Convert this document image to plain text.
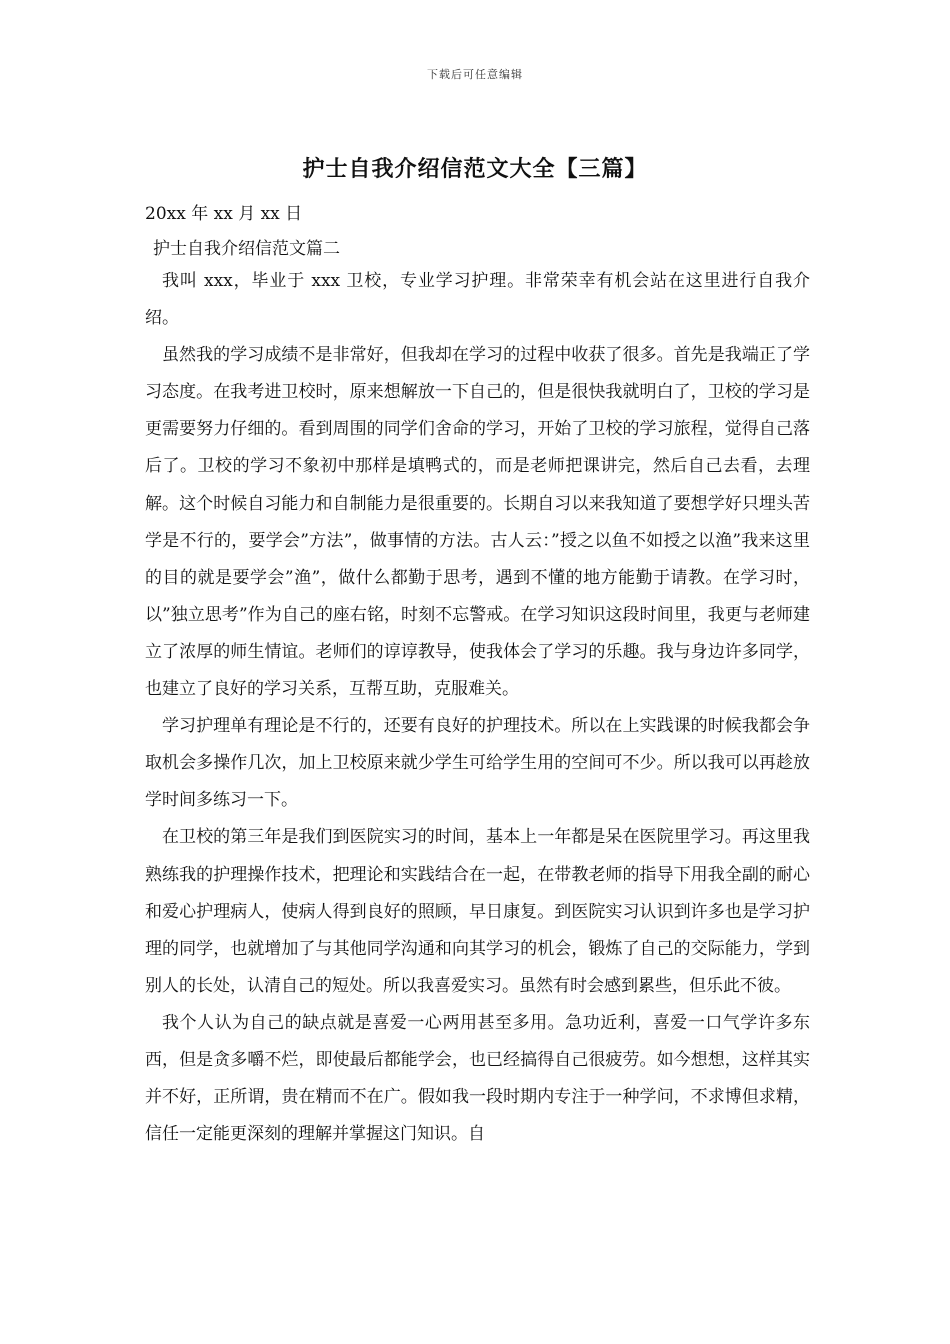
下载后可任意编辑
护士自我介绍信范文大全【三篇】
20xx 年 xx 月 xx 日
护士自我介绍信范文篇二

我叫 xxx，毕业于 xxx 卫校，专业学习护理。非常荣幸有机会站在这里进行自我介绍。

虽然我的学习成绩不是非常好，但我却在学习的过程中收获了很多。首先是我端正了学习态度。在我考进卫校时，原来想解放一下自己的，但是很快我就明白了，卫校的学习是更需要努力仔细的。看到周围的同学们舍命的学习，开始了卫校的学习旅程，觉得自己落后了。卫校的学习不象初中那样是填鸭式的，而是老师把课讲完，然后自己去看，去理解。这个时候自习能力和自制能力是很重要的。长期自习以来我知道了要想学好只埋头苦学是不行的，要学会”方法”，做事情的方法。古人云：”授之以鱼不如授之以渔”我来这里的目的就是要学会”渔”，做什么都勤于思考，遇到不懂的地方能勤于请教。在学习时，以”独立思考”作为自己的座右铭，时刻不忘警戒。在学习知识这段时间里，我更与老师建立了浓厚的师生情谊。老师们的谆谆教导，使我体会了学习的乐趣。我与身边许多同学，也建立了良好的学习关系，互帮互助，克服难关。

学习护理单有理论是不行的，还要有良好的护理技术。所以在上实践课的时候我都会争取机会多操作几次，加上卫校原来就少学生可给学生用的空间可不少。所以我可以再趁放学时间多练习一下。

在卫校的第三年是我们到医院实习的时间，基本上一年都是呆在医院里学习。再这里我熟练我的护理操作技术，把理论和实践结合在一起，在带教老师的指导下用我全副的耐心和爱心护理病人，使病人得到良好的照顾，早日康复。到医院实习认识到许多也是学习护理的同学，也就增加了与其他同学沟通和向其学习的机会，锻炼了自己的交际能力，学到别人的长处，认清自己的短处。所以我喜爱实习。虽然有时会感到累些，但乐此不彼。

我个人认为自己的缺点就是喜爱一心两用甚至多用。急功近利，喜爱一口气学许多东西，但是贪多嚼不烂，即使最后都能学会，也已经搞得自己很疲劳。如今想想，这样其实并不好，正所谓，贵在精而不在广。假如我一段时期内专注于一种学问，不求博但求精，信任一定能更深刻的理解并掌握这门知识。自
